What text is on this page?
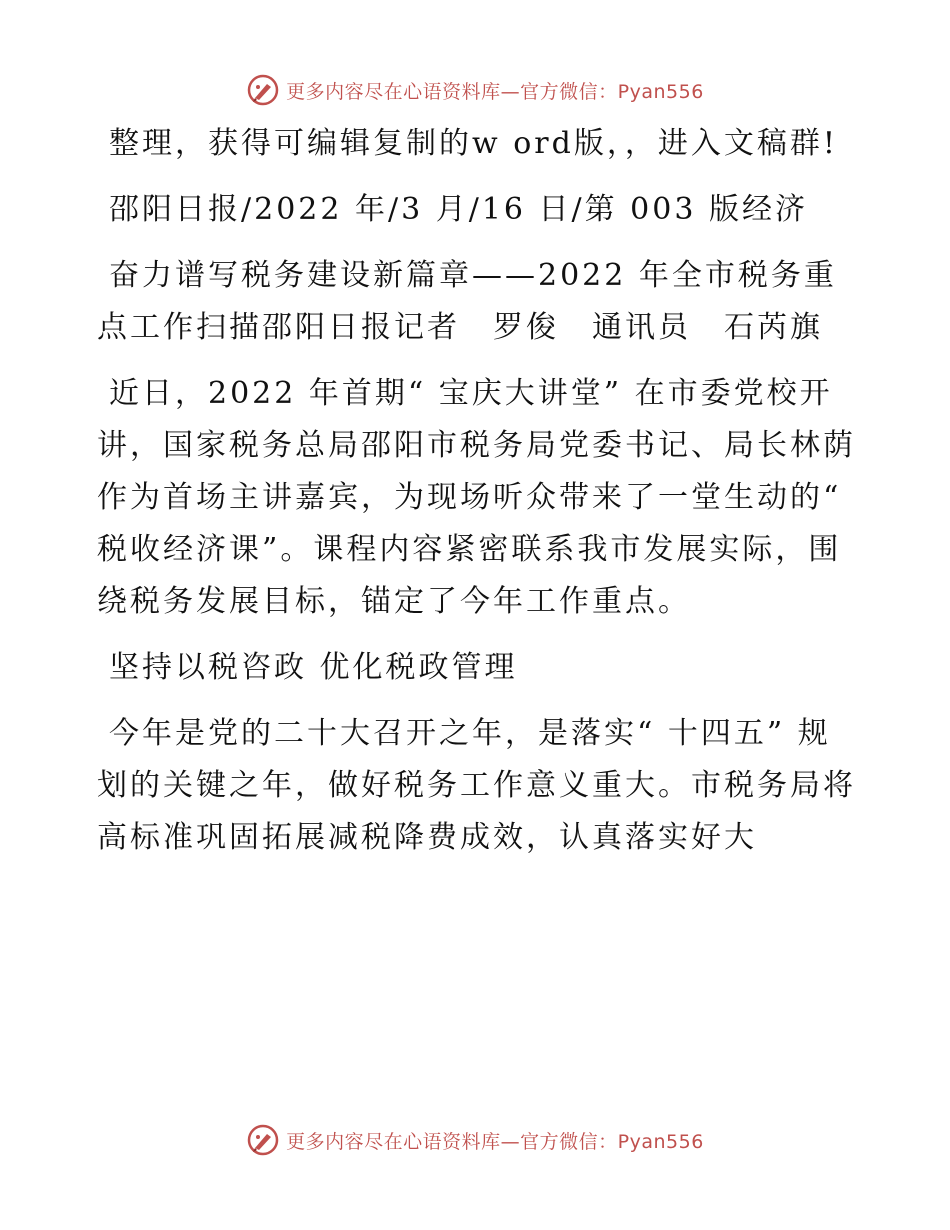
更多内容尽在心语资料库—官方微信：Pyan556

整理，获得可编辑复制的w ord版，，进入文稿群!

邵阳日报/2022 年/3 月/16 日/第 003 版经济

奋力谱写税务建设新篇章——2022 年全市税务重点工作扫描邵阳日报记者　罗俊　通讯员　石芮旗

近日，2022 年首期“ 宝庆大讲堂” 在市委党校开讲，国家税务总局邵阳市税务局党委书记、局长林荫作为首场主讲嘉宾，为现场听众带来了一堂生动的“ 税收经济课”。课程内容紧密联系我市发展实际，围绕税务发展目标，锚定了今年工作重点。

坚持以税咨政 优化税政管理

今年是党的二十大召开之年，是落实“ 十四五” 规划的关键之年，做好税务工作意义重大。市税务局将高标准巩固拓展减税降费成效，认真落实好大

更多内容尽在心语资料库—官方微信：Pyan556
